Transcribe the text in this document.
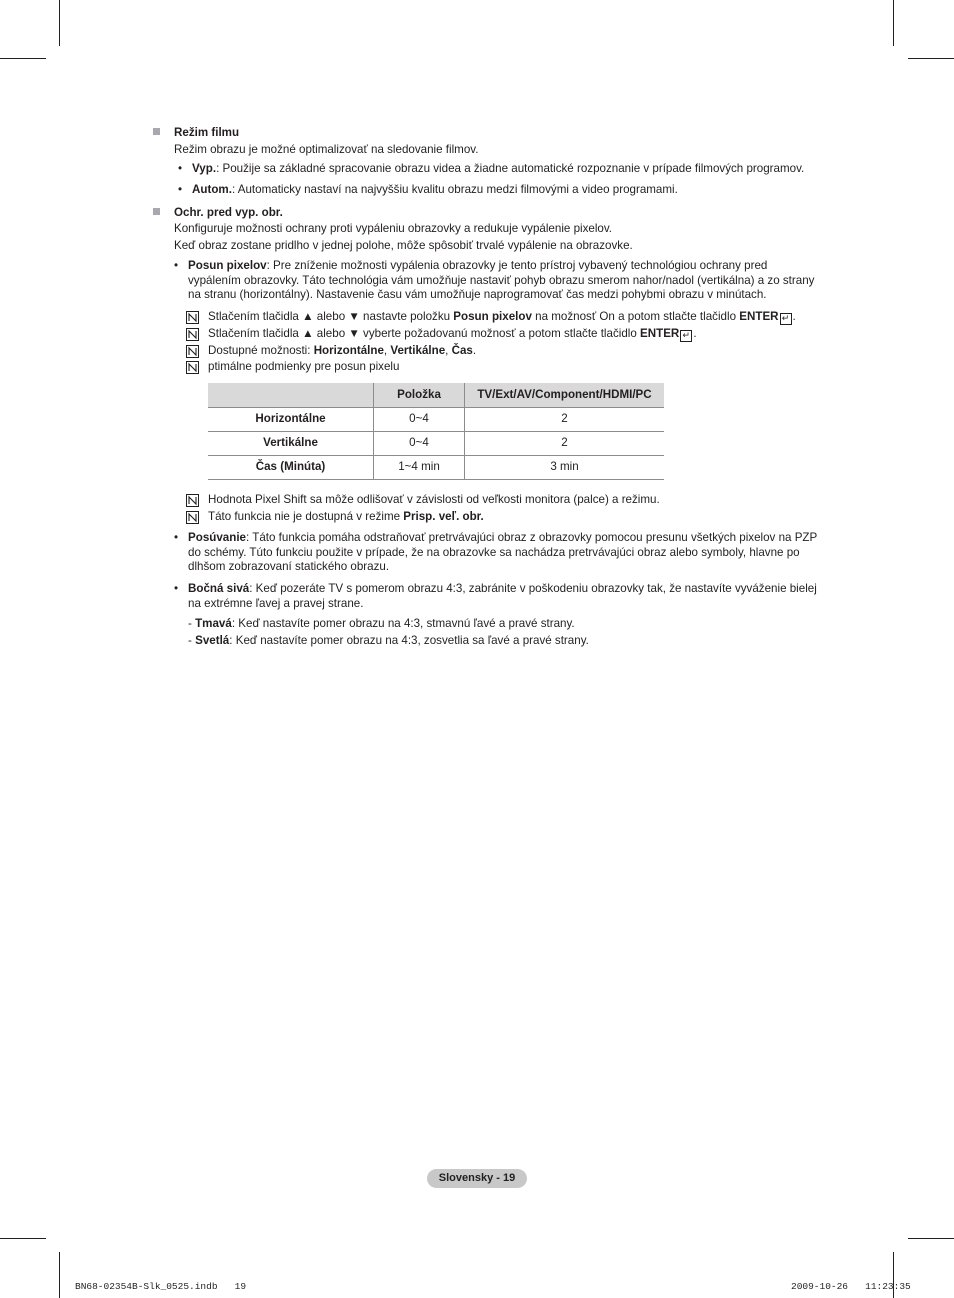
Režim filmu
Režim obrazu je možné optimalizovať na sledovanie filmov.
• Vyp.: Použije sa základné spracovanie obrazu videa a žiadne automatické rozpoznanie v prípade filmových programov.
• Autom.: Automaticky nastaví na najvyššiu kvalitu obrazu medzi filmovými a video programami.
Ochr. pred vyp. obr.
Konfiguruje možnosti ochrany proti vypáleniu obrazovky a redukuje vypálenie pixelov.
Keď obraz zostane pridlho v jednej polohe, môže spôsobiť trvalé vypálenie na obrazovke.
• Posun pixelov: Pre zníženie možnosti vypálenia obrazovky je tento prístroj vybavený technológiou ochrany pred
vypálením obrazovky. Táto technológia vám umožňuje nastaviť pohyb obrazu smerom nahor/nadol (vertikálna) a zo strany
na stranu (horizontálny). Nastavenie času vám umožňuje naprogramovať čas medzi pohybmi obrazu v minútach.
Stlačením tlačidla ▲ alebo ▼ nastavte položku Posun pixelov na možnosť On a potom stlačte tlačidlo ENTER ↵ .
Stlačením tlačidla ▲ alebo ▼ vyberte požadovanú možnosť a potom stlačte tlačidlo ENTER ↵ .
Dostupné možnosti: Horizontálne, Vertikálne, Čas.
ptimálne podmienky pre posun pixelu
	Položka	TV/Ext/AV/Component/HDMI/PC
Horizontálne	0~4	2
Vertikálne	0~4	2
Čas (Minúta)	1~4 min	3 min
Hodnota Pixel Shift sa môže odlišovať v závislosti od veľkosti monitora (palce) a režimu.
Táto funkcia nie je dostupná v režime Prisp. veľ. obr.
• Posúvanie: Táto funkcia pomáha odstraňovať pretrvávajúci obraz z obrazovky pomocou presunu všetkých pixelov na PZP
do schémy. Túto funkciu použite v prípade, že na obrazovke sa nachádza pretrvávajúci obraz alebo symboly, hlavne po
dlhšom zobrazovaní statického obrazu.
• Bočná sivá: Keď pozeráte TV s pomerom obrazu 4:3, zabránite v poškodeniu obrazovky tak, že nastavíte vyváženie bielej
na extrémne ľavej a pravej strane.
- Tmavá: Keď nastavíte pomer obrazu na 4:3, stmavnú ľavé a pravé strany.
- Svetlá: Keď nastavíte pomer obrazu na 4:3, zosvetlia sa ľavé a pravé strany.
Slovensky - 19
BN68-02354B-Slk_0525.indb   19	2009-10-26   11:23:35
